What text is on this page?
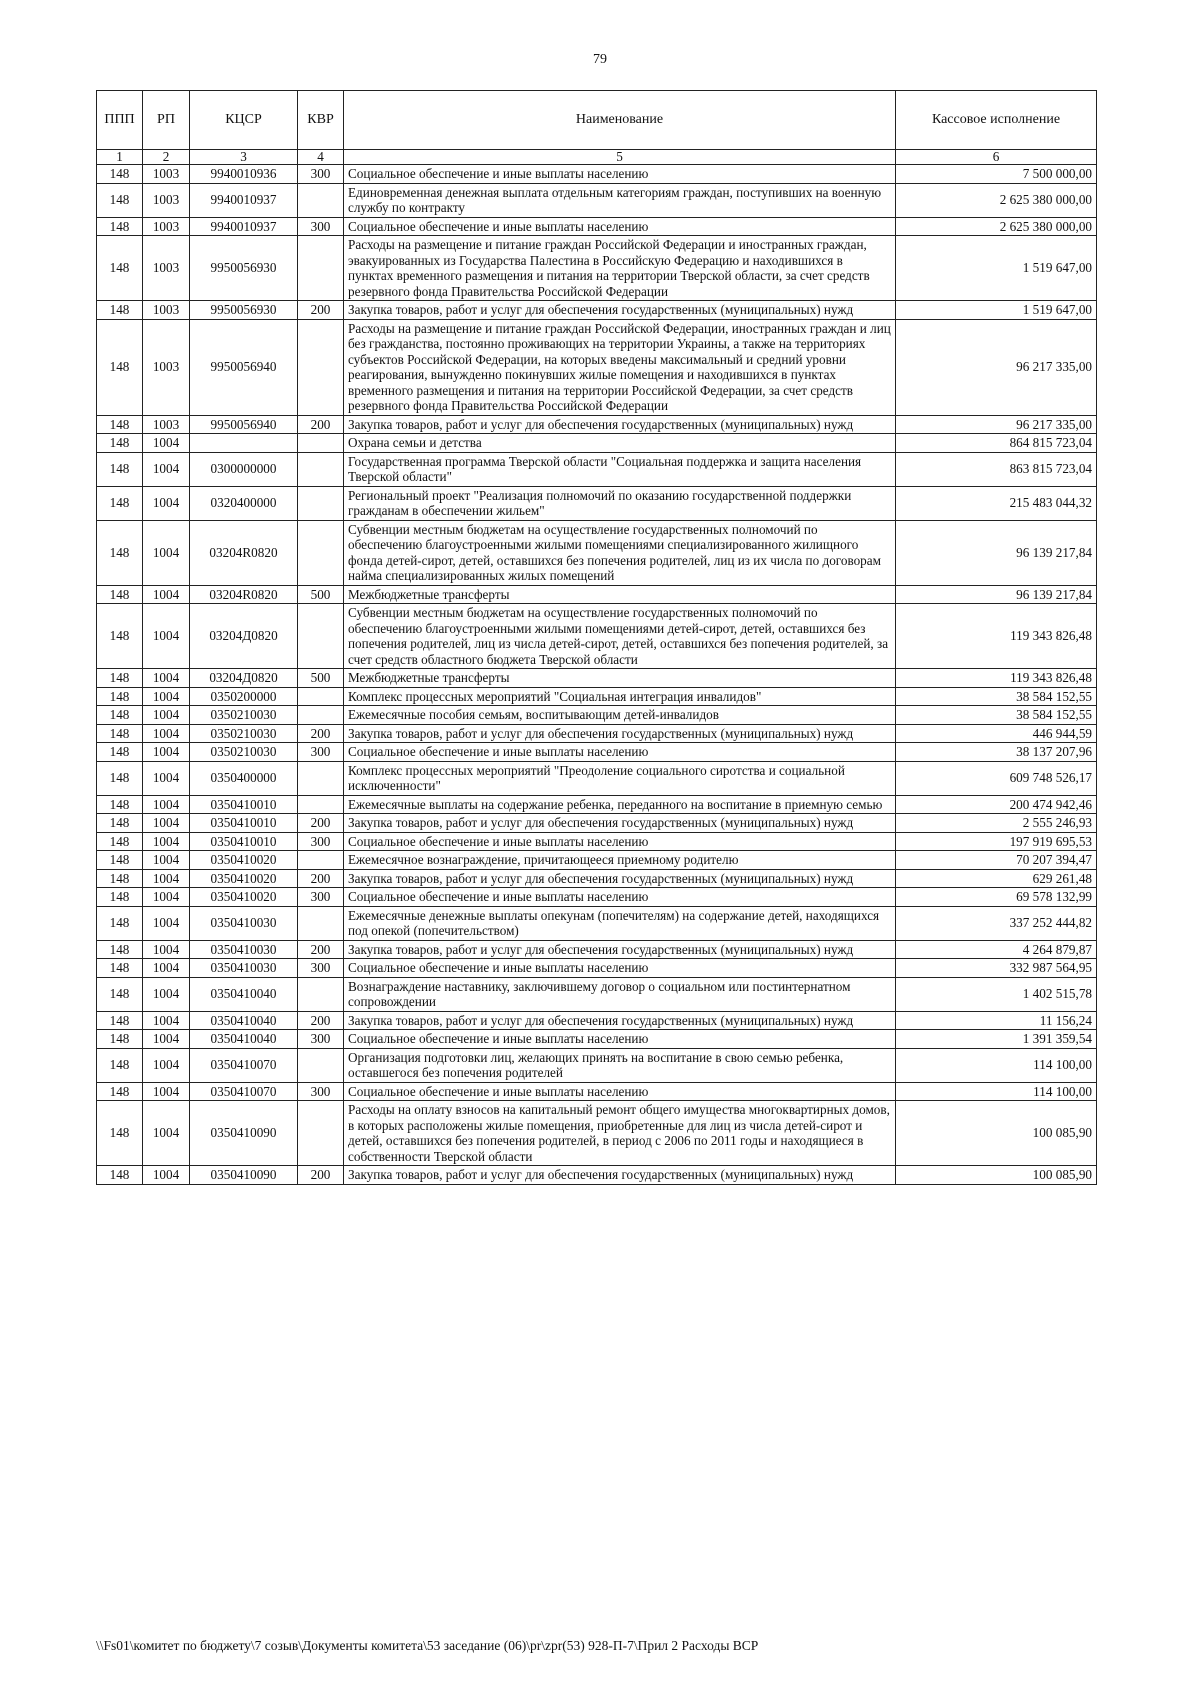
79
ППП	РП	КЦСР	КВР	Наименование	Кассовое исполнение
1	2	3	4	5	6
148	1003	9940010936	300	Социальное обеспечение и иные выплаты населению	7 500 000,00
148	1003	9940010937		Единовременная денежная выплата отдельным категориям граждан, поступивших на военную службу по контракту	2 625 380 000,00
148	1003	9940010937	300	Социальное обеспечение и иные выплаты населению	2 625 380 000,00
148	1003	9950056930		Расходы на размещение и питание граждан Российской Федерации и иностранных граждан, эвакуированных из Государства Палестина в Российскую Федерацию и находившихся в пунктах временного размещения и питания на территории Тверской области, за счет средств резервного фонда Правительства Российской Федерации	1 519 647,00
148	1003	9950056930	200	Закупка товаров, работ и услуг для обеспечения государственных (муниципальных) нужд	1 519 647,00
148	1003	9950056940		Расходы на размещение и питание граждан Российской Федерации, иностранных граждан и лиц без гражданства, постоянно проживающих на территории Украины, а также на территориях субъектов Российской Федерации, на которых введены максимальный и средний уровни реагирования, вынужденно покинувших жилые помещения и находившихся в пунктах временного размещения и питания на территории Российской Федерации, за счет средств резервного фонда Правительства Российской Федерации	96 217 335,00
148	1003	9950056940	200	Закупка товаров, работ и услуг для обеспечения государственных (муниципальных) нужд	96 217 335,00
148	1004			Охрана семьи и детства	864 815 723,04
148	1004	0300000000		Государственная программа Тверской области "Социальная поддержка и защита населения Тверской области"	863 815 723,04
148	1004	0320400000		Региональный проект "Реализация полномочий по оказанию государственной поддержки гражданам в обеспечении жильем"	215 483 044,32
148	1004	03204R0820		Субвенции местным бюджетам на осуществление государственных полномочий по обеспечению благоустроенными жилыми помещениями специализированного жилищного фонда детей-сирот, детей, оставшихся без попечения родителей, лиц из их числа по договорам найма специализированных жилых помещений	96 139 217,84
148	1004	03204R0820	500	Межбюджетные трансферты	96 139 217,84
148	1004	03204Д0820		Субвенции местным бюджетам на осуществление государственных полномочий по обеспечению благоустроенными жилыми помещениями детей-сирот, детей, оставшихся без попечения родителей, лиц из числа детей-сирот, детей, оставшихся без попечения родителей, за счет средств областного бюджета Тверской области	119 343 826,48
148	1004	03204Д0820	500	Межбюджетные трансферты	119 343 826,48
148	1004	0350200000		Комплекс процессных мероприятий "Социальная интеграция инвалидов"	38 584 152,55
148	1004	0350210030		Ежемесячные пособия семьям, воспитывающим детей-инвалидов	38 584 152,55
148	1004	0350210030	200	Закупка товаров, работ и услуг для обеспечения государственных (муниципальных) нужд	446 944,59
148	1004	0350210030	300	Социальное обеспечение и иные выплаты населению	38 137 207,96
148	1004	0350400000		Комплекс процессных мероприятий "Преодоление социального сиротства и социальной исключенности"	609 748 526,17
148	1004	0350410010		Ежемесячные выплаты на содержание ребенка, переданного на воспитание в приемную семью	200 474 942,46
148	1004	0350410010	200	Закупка товаров, работ и услуг для обеспечения государственных (муниципальных) нужд	2 555 246,93
148	1004	0350410010	300	Социальное обеспечение и иные выплаты населению	197 919 695,53
148	1004	0350410020		Ежемесячное вознаграждение, причитающееся приемному родителю	70 207 394,47
148	1004	0350410020	200	Закупка товаров, работ и услуг для обеспечения государственных (муниципальных) нужд	629 261,48
148	1004	0350410020	300	Социальное обеспечение и иные выплаты населению	69 578 132,99
148	1004	0350410030		Ежемесячные денежные выплаты опекунам (попечителям) на содержание детей, находящихся под опекой (попечительством)	337 252 444,82
148	1004	0350410030	200	Закупка товаров, работ и услуг для обеспечения государственных (муниципальных) нужд	4 264 879,87
148	1004	0350410030	300	Социальное обеспечение и иные выплаты населению	332 987 564,95
148	1004	0350410040		Вознаграждение наставнику, заключившему договор о социальном или постинтернатном сопровождении	1 402 515,78
148	1004	0350410040	200	Закупка товаров, работ и услуг для обеспечения государственных (муниципальных) нужд	11 156,24
148	1004	0350410040	300	Социальное обеспечение и иные выплаты населению	1 391 359,54
148	1004	0350410070		Организация подготовки лиц, желающих принять на воспитание в свою семью ребенка, оставшегося без попечения родителей	114 100,00
148	1004	0350410070	300	Социальное обеспечение и иные выплаты населению	114 100,00
148	1004	0350410090		Расходы на оплату взносов на капитальный ремонт общего имущества многоквартирных домов, в которых расположены жилые помещения, приобретенные для лиц из числа детей-сирот и детей, оставшихся без попечения родителей, в период с 2006 по 2011 годы и находящиеся в собственности Тверской области	100 085,90
148	1004	0350410090	200	Закупка товаров, работ и услуг для обеспечения государственных (муниципальных) нужд	100 085,90
\\Fs01\комитет по бюджету\7 созыв\Документы комитета\53 заседание (06)\pr\zpr(53) 928-П-7\Прил 2 Расходы ВСР
